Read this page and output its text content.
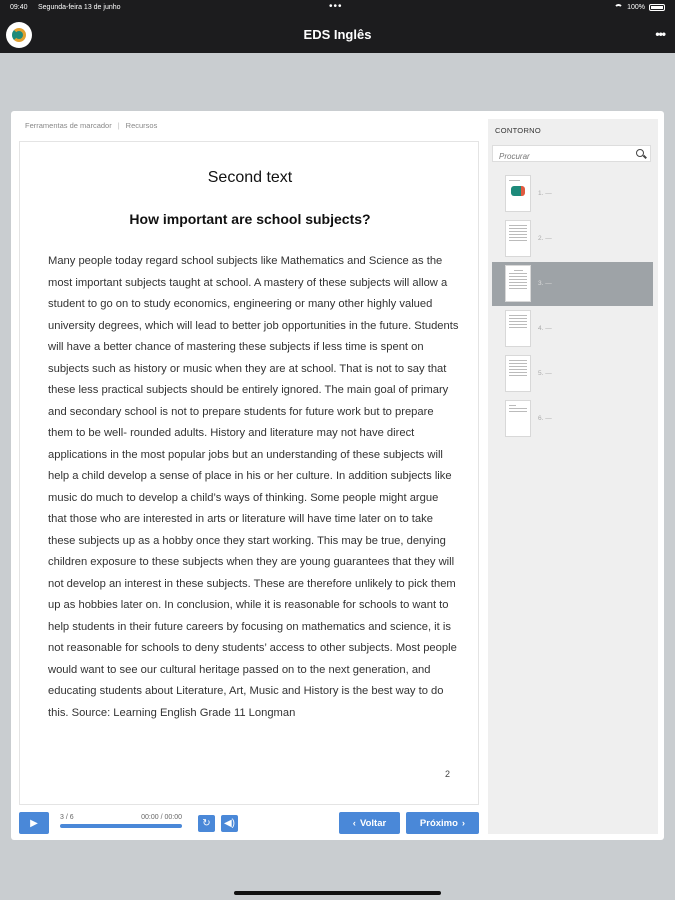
09:40 Segunda-feira 13 de junho	•••	100%
EDS Inglês	•••
Ferramentas de marcador | Recursos
Second text
How important are school subjects?

Many people today regard school subjects like Mathematics and Science as the most important subjects taught at school. A mastery of these subjects will allow a student to go on to study economics, engineering or many other highly valued university degrees, which will lead to better job opportunities in the future. Students will have a better chance of mastering these subjects if less time is spent on subjects such as history or music when they are at school. That is not to say that these less practical subjects should be entirely ignored. The main goal of primary and secondary school is not to prepare students for future work but to prepare them to be well- rounded adults. History and literature may not have direct applications in the most popular jobs but an understanding of these subjects will help a child develop a sense of place in his or her culture. In addition subjects like music do much to develop a child’s ways of thinking. Some people might argue that those who are interested in arts or literature will have time later on to take these subjects up as a hobby once they start working. This may be true, denying children exposure to these subjects when they are young guarantees that they will not develop an interest in these subjects. These are therefore unlikely to pick them up as hobbies later on. In conclusion, while it is reasonable for schools to want to help students in their future careers by focusing on mathematics and science, it is not reasonable for schools to deny students’ access to other subjects. Most people would want to see our cultural heritage passed on to the next generation, and educating students about Literature, Art, Music and History is the best way to do this. Source: Learning English Grade 11 Longman

2
▶	3 / 6	00:00 / 00:00
↻ ◀)	‹ Voltar	Próximo ›
CONTORNO
Procurar
1. —
2. —
3. —
4. —
5. —
6. —
